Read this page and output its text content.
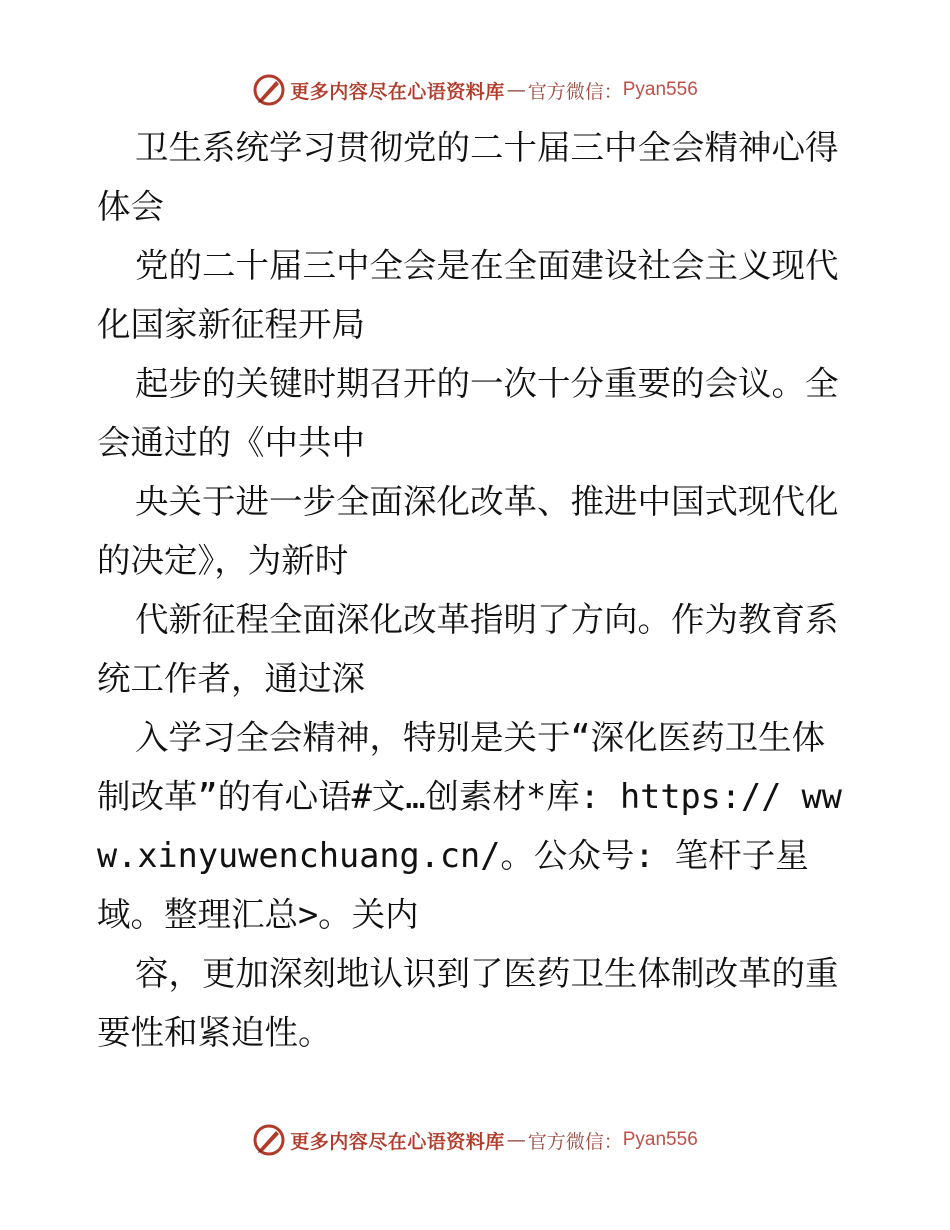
更多内容尽在心语资料库 — 官方微信： Pyan556

卫生系统学习贯彻党的二十届三中全会精神心得体会

党的二十届三中全会是在全面建设社会主义现代化国家新征程开局

起步的关键时期召开的一次十分重要的会议。全会通过的《中共中

央关于进一步全面深化改革、推进中国式现代化的决定》，为新时

代新征程全面深化改革指明了方向。作为教育系统工作者，通过深

入学习全会精神，特别是关于“深化医药卫生体制改革”的有心语#文…创素材*库: https:// www.xinyuwenchuang.cn/。公众号: 笔杆子星域。整理汇总>。关内

容，更加深刻地认识到了医药卫生体制改革的重要性和紧迫性。

更多内容尽在心语资料库 — 官方微信： Pyan556
